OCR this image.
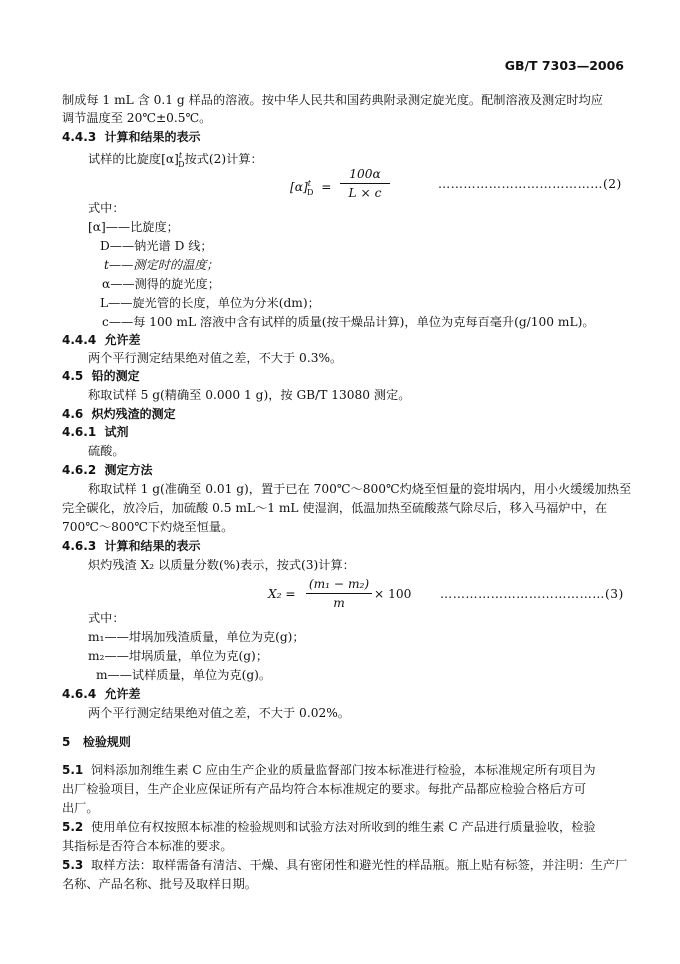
GB/T 7303—2006
制成每 1 mL 含 0.1 g 样品的溶液。按中华人民共和国药典附录测定旋光度。配制溶液及测定时均应
调节温度至 20℃±0.5℃。
4.4.3 计算和结果的表示
试样的比旋度$[\alpha]^t_D$按式(2)计算：
$[\alpha]^t_D = \frac{100\alpha}{L \times c}$	…………………………………(2)
式中：
[α]——比旋度；
D——钠光谱 D 线；
t——测定时的温度；
α——测得的旋光度；
L——旋光管的长度，单位为分米(dm)；
c——每 100 mL 溶液中含有试样的质量(按干燥品计算)，单位为克每百毫升(g/100 mL)。
4.4.4 允许差
两个平行测定结果绝对值之差，不大于 0.3%。
4.5 铅的测定
称取试样 5 g(精确至 0.000 1 g)，按 GB/T 13080 测定。
4.6 炽灼残渣的测定
4.6.1 试剂
硫酸。
4.6.2 测定方法
称取试样 1 g(准确至 0.01 g)，置于已在 700℃～800℃灼烧至恒量的瓷坩埚内，用小火缓缓加热至
完全碳化，放冷后，加硫酸 0.5 mL～1 mL 使湿润，低温加热至硫酸蒸气除尽后，移入马福炉中，在
700℃～800℃下灼烧至恒量。
4.6.3 计算和结果的表示
炽灼残渣 X₂ 以质量分数(%)表示，按式(3)计算：
$X_2 = \frac{\text{(m₁ − m₂)}}{m} \times 100$ …………………………………(3)
式中：
m₁——坩埚加残渣质量，单位为克(g)；
m₂——坩埚质量，单位为克(g)；
m——试样质量，单位为克(g)。
4.6.4 允许差
两个平行测定结果绝对值之差，不大于 0.02%。
5 检验规则
5.1 饲料添加剂维生素 C 应由生产企业的质量监督部门按本标准进行检验，本标准规定所有项目为
出厂检验项目，生产企业应保证所有产品均符合本标准规定的要求。每批产品都应检验合格后方可
出厂。
5.2 使用单位有权按照本标准的检验规则和试验方法对所收到的维生素 C 产品进行质量验收，检验
其指标是否符合本标准的要求。
5.3 取样方法：取样需备有清洁、干燥、具有密闭性和避光性的样品瓶。瓶上贴有标签，并注明：生产厂
名称、产品名称、批号及取样日期。
